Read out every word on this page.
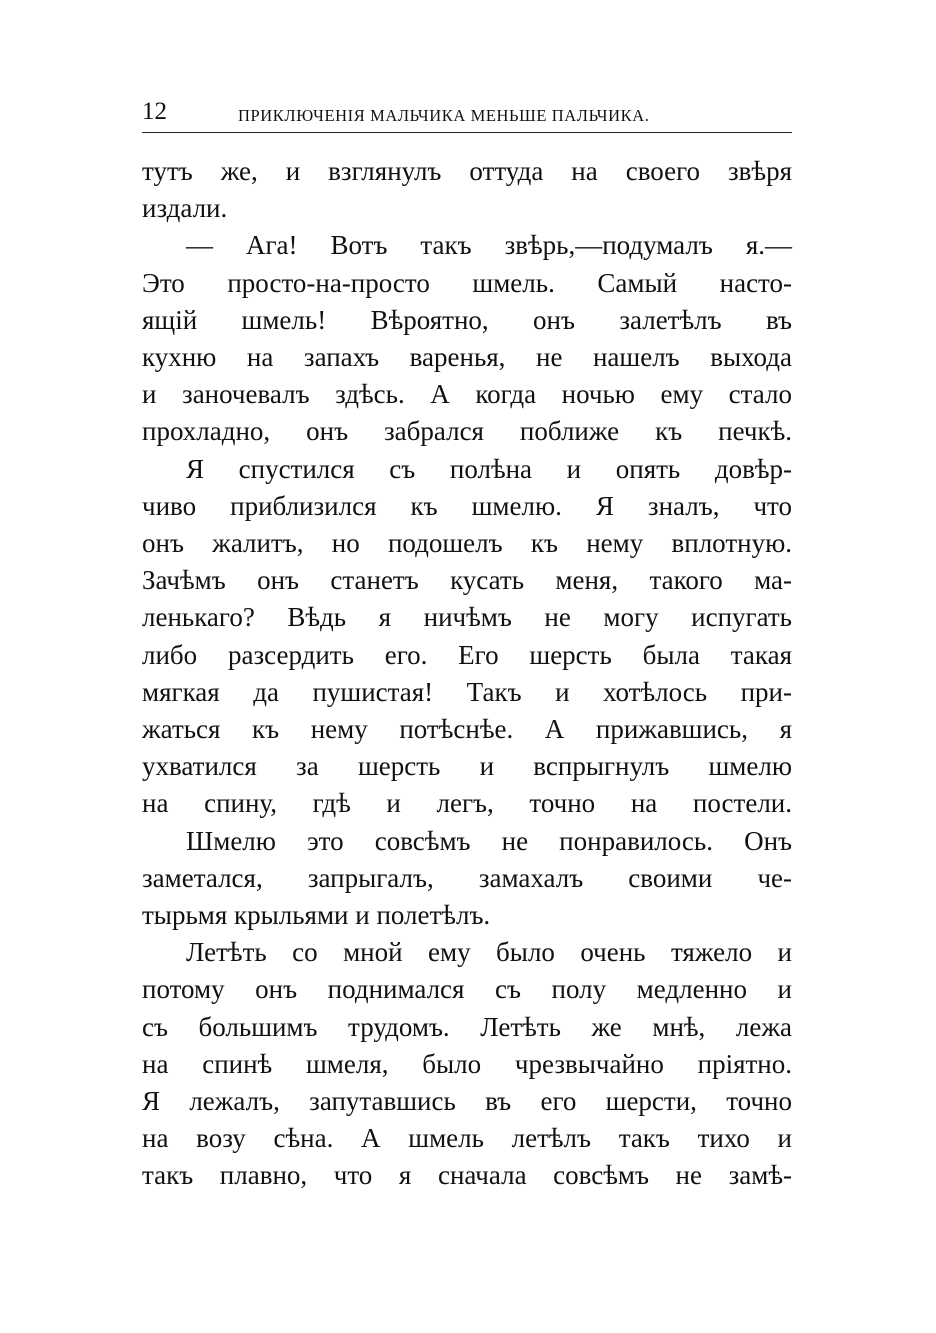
12	ПРИКЛЮЧЕНІЯ МАЛЬЧИКА МЕНЬШЕ ПАЛЬЧИКА.

тутъ же, и взглянулъ оттуда на своего звѣря
издали.

— Ага! Вотъ такъ звѣрь,—подумалъ я.—
Это просто-на-просто шмель. Самый насто-
ящій шмель! Вѣроятно, онъ залетѣлъ въ
кухню на запахъ варенья, не нашелъ выхода
и заночевалъ здѣсь. А когда ночью ему стало
прохладно, онъ забрался поближе къ печкѣ.

Я спустился съ полѣна и опять довѣр-
чиво приблизился къ шмелю. Я зналъ, что
онъ жалитъ, но подошелъ къ нему вплотную.
Зачѣмъ онъ станетъ кусать меня, такого ма-
ленькаго? Вѣдь я ничѣмъ не могу испугать
либо разсердить его. Его шерсть была такая
мягкая да пушистая! Такъ и хотѣлось при-
жаться къ нему потѣснѣе. А прижавшись, я
ухватился за шерсть и вспрыгнулъ шмелю
на спину, гдѣ и легъ, точно на постели.

Шмелю это совсѣмъ не понравилось. Онъ
заметался, запрыгалъ, замахалъ своими че-
тырьмя крыльями и полетѣлъ.

Летѣть со мной ему было очень тяжело и
потому онъ поднимался съ полу медленно и
съ большимъ трудомъ. Летѣть же мнѣ, лежа
на спинѣ шмеля, было чрезвычайно пріятно.
Я лежалъ, запутавшись въ его шерсти, точно
на возу сѣна. А шмель летѣлъ такъ тихо и
такъ плавно, что я сначала совсѣмъ не замѣ-
